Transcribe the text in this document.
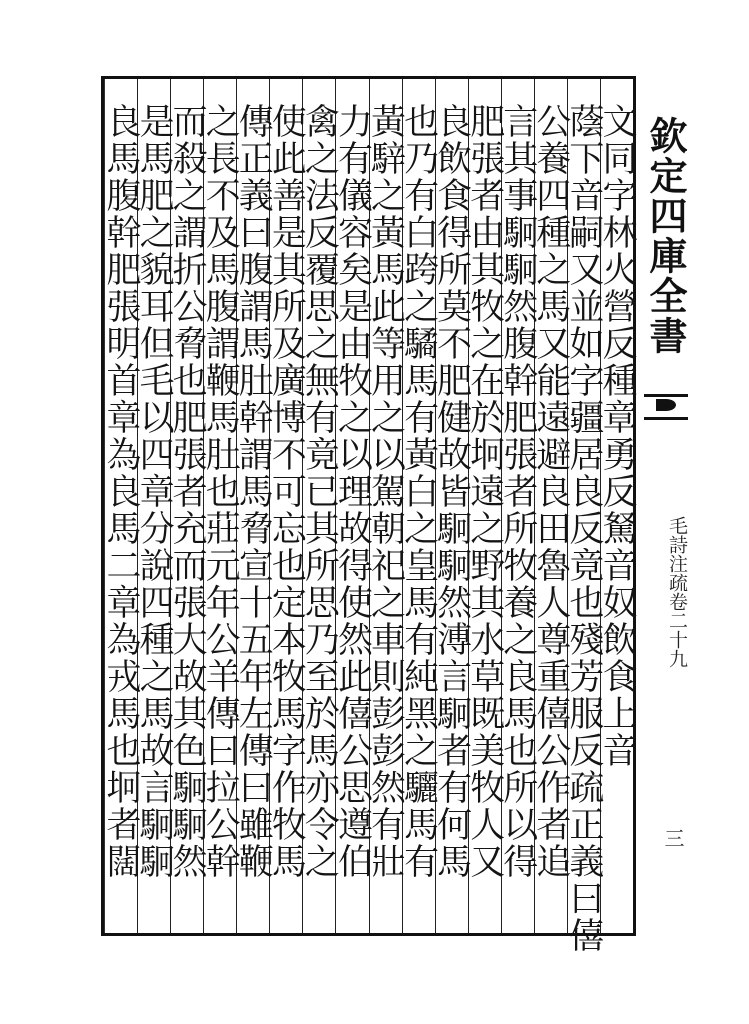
文同字林火營反種章勇反駑音奴飲食上音
蔭下音嗣又並如字疆居良反竟也殘芳服反疏正義曰僖
公養四種之馬又能遠避良田魯人尊重僖公作者追
言其事駉駉然腹幹肥張者所牧養之良馬也所以得
肥張者由其牧之在於坰遠之野其水草既美牧人又
良飲食得所莫不肥健故皆駉駉然溥言駉者有何馬
也乃有白跨之驈馬有黃白之皇馬有純黑之驪馬有
黃騂之黃馬此等用之以駕朝祀之車則彭彭然有壯
力有儀容矣是由牧之以理故得使然此僖公思遵伯
禽之法反覆思之無有竟已其所思乃至於馬亦令之
使此善是其所及廣博不可忘也定本牧馬字作牧馬
傳正義曰腹謂馬肚幹謂馬脅宣十五年左傳曰雖鞭
之長不及馬腹謂鞭馬肚也莊元年公羊傳曰拉公幹
而殺之謂折公脅也肥張者充而張大故其色駉駉然
是馬肥之貌耳但毛以四章分說四種之馬故言駉駉
良馬腹幹肥張明首章為良馬二章為戎馬也坰者闊	欽定四庫全書
毛詩注疏卷二十九
三
